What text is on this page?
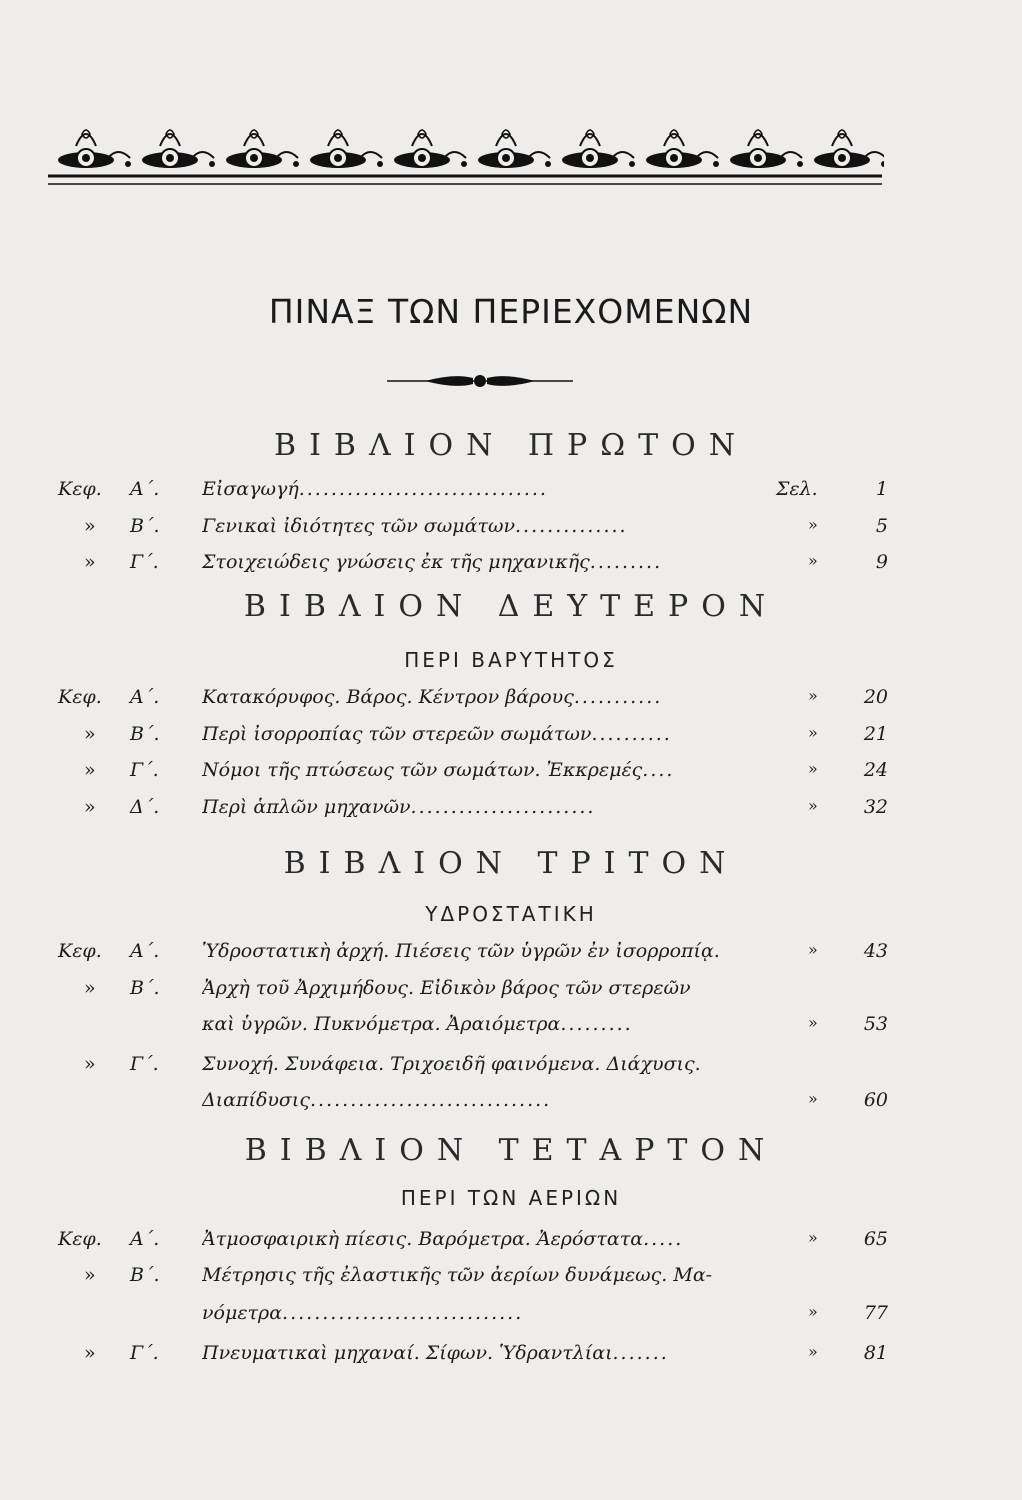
ΠΙΝΑΞ ΤΩΝ ΠΕΡΙΕΧΟΜΕΝΩΝ
ΒΙΒΛΙΟΝ ΠΡΩΤΟΝ
ΒΙΒΛΙΟΝ ΔΕΥΤΕΡΟΝ
ΠΕΡΙ ΒΑΡΥΤΗΤΟΣ
ΒΙΒΛΙΟΝ ΤΡΙΤΟΝ
ΥΔΡΟΣΤΑΤΙΚΗ
ΒΙΒΛΙΟΝ ΤΕΤΑΡΤΟΝ
ΠΕΡΙ ΤΩΝ ΑΕΡΙΩΝ
Κεφ. Α΄. Εἰσαγωγή...............................	Σελ.	1
» Β΄. Γενικαὶ ἰδιότητες τῶν σωμάτων..............	»	5
» Γ΄. Στοιχειώδεις γνώσεις ἐκ τῆς μηχανικῆς.........	»	9
Κεφ. Α΄. Κατακόρυφος. Βάρος. Κέντρον βάρους...........	»	20
» Β΄. Περὶ ἰσορροπίας τῶν στερεῶν σωμάτων..........	»	21
» Γ΄. Νόμοι τῆς πτώσεως τῶν σωμάτων. Ἐκκρεμές....	»	24
» Δ΄. Περὶ ἁπλῶν μηχανῶν.......................	»	32
Κεφ. Α΄. Ὑδροστατικὴ ἀρχή. Πιέσεις τῶν ὑγρῶν ἐν ἰσορροπίᾳ.	»	43
» Β΄. Ἀρχὴ τοῦ Ἀρχιμήδους. Εἰδικὸν βάρος τῶν στερεῶν
καὶ ὑγρῶν. Πυκνόμετρα. Ἀραιόμετρα.........	»	53
» Γ΄. Συνοχή. Συνάφεια. Τριχοειδῆ φαινόμενα. Διάχυσις.
Διαπίδυσις..............................	»	60
Κεφ. Α΄. Ἀτμοσφαιρικὴ πίεσις. Βαρόμετρα. Ἀερόστατα.....	»	65
» Β΄. Μέτρησις τῆς ἐλαστικῆς τῶν ἀερίων δυνάμεως. Μα-
νόμετρα..............................	»	77
» Γ΄. Πνευματικαὶ μηχαναί. Σίφων. Ὑδραντλίαι.......	»	81
